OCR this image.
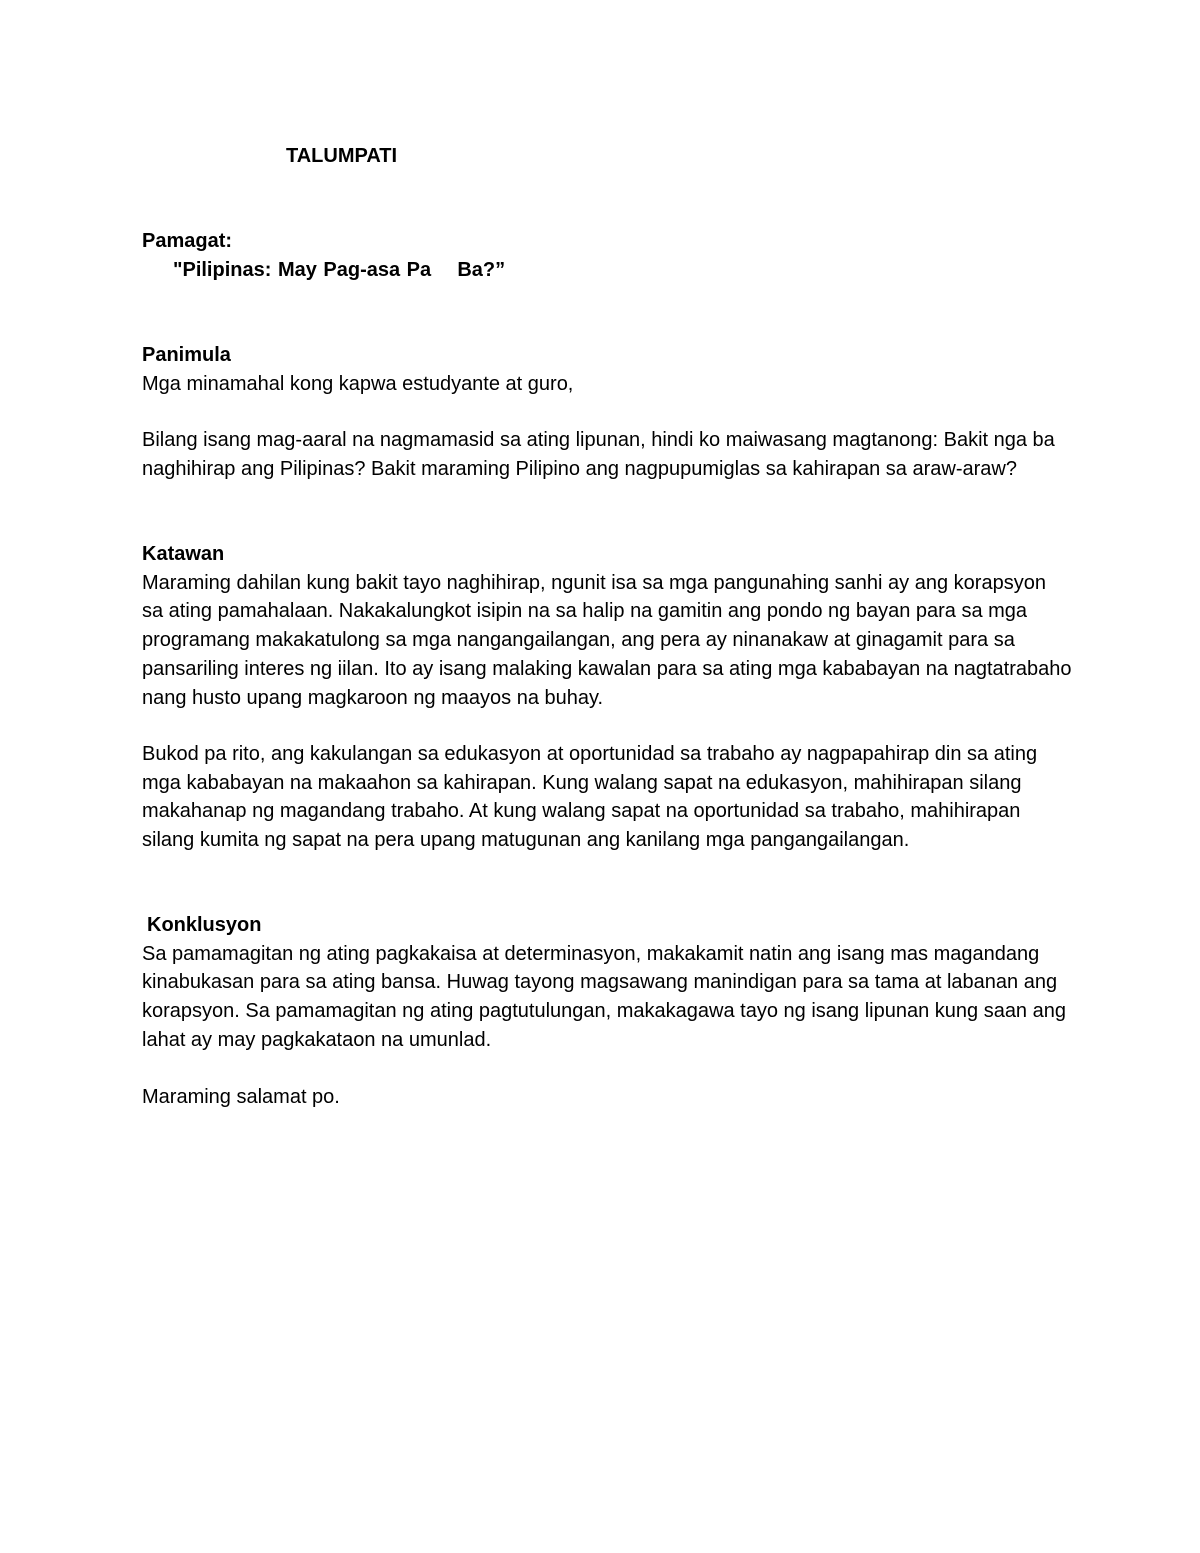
TALUMPATI
Pamagat:

"Pilipinas: May Pag-asa Pa    Ba?”

Panimula
Mga minamahal kong kapwa estudyante at guro,
Bilang isang mag-aaral na nagmamasid sa ating lipunan, hindi ko maiwasang magtanong: Bakit nga ba naghihirap ang Pilipinas? Bakit maraming Pilipino ang nagpupumiglas sa kahirapan sa araw-araw?
Katawan
Maraming dahilan kung bakit tayo naghihirap, ngunit isa sa mga pangunahing sanhi ay ang korapsyon sa ating pamahalaan. Nakakalungkot isipin na sa halip na gamitin ang pondo ng bayan para sa mga programang makakatulong sa mga nangangailangan, ang pera ay ninanakaw at ginagamit para sa pansariling interes ng iilan. Ito ay isang malaking kawalan para sa ating mga kababayan na nagtatrabaho nang husto upang magkaroon ng maayos na buhay.
Bukod pa rito, ang kakulangan sa edukasyon at oportunidad sa trabaho ay nagpapahirap din sa ating mga kababayan na makaahon sa kahirapan. Kung walang sapat na edukasyon, mahihirapan silang makahanap ng magandang trabaho. At kung walang sapat na oportunidad sa trabaho, mahihirapan silang kumita ng sapat na pera upang matugunan ang kanilang mga pangangailangan.
Konklusyon
Sa pamamagitan ng ating pagkakaisa at determinasyon, makakamit natin ang isang mas magandang kinabukasan para sa ating bansa. Huwag tayong magsawang manindigan para sa tama at labanan ang korapsyon. Sa pamamagitan ng ating pagtutulungan, makakagawa tayo ng isang lipunan kung saan ang lahat ay may pagkakataon na umunlad.
Maraming salamat po.
